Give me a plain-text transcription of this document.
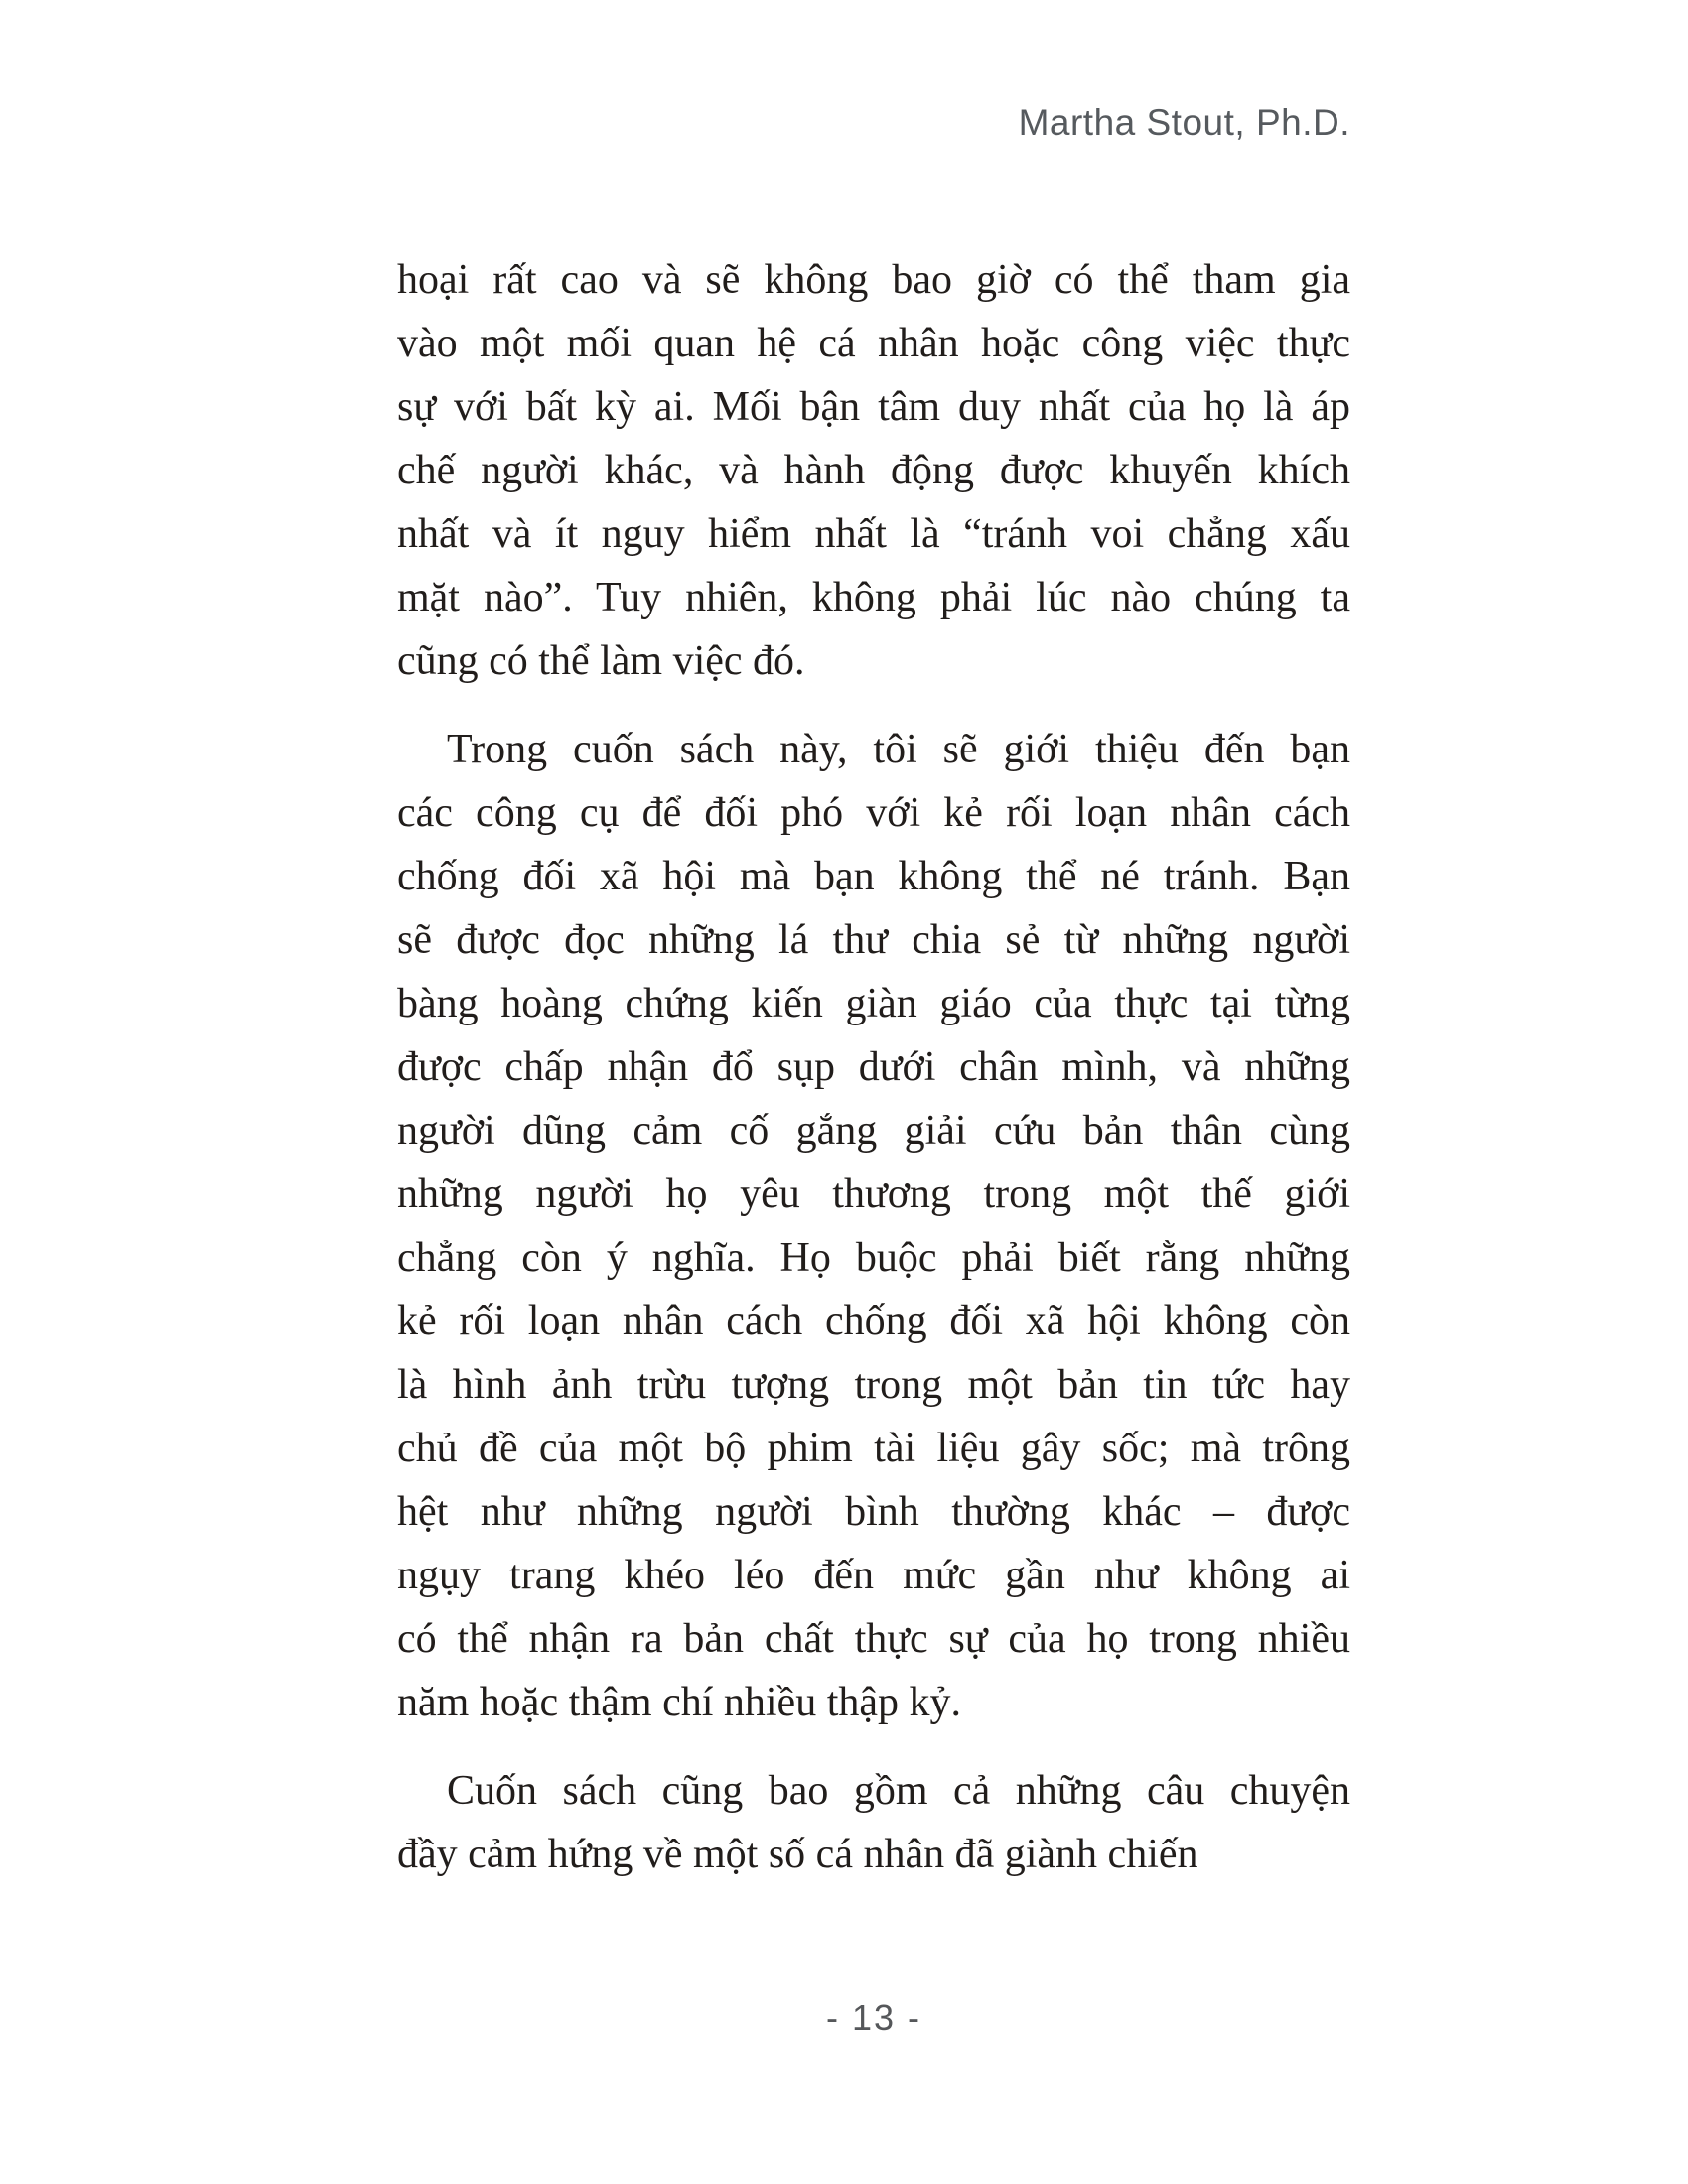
Martha Stout, Ph.D.
hoại rất cao và sẽ không bao giờ có thể tham gia
vào một mối quan hệ cá nhân hoặc công việc thực
sự với bất kỳ ai. Mối bận tâm duy nhất của họ là áp
chế người khác, và hành động được khuyến khích
nhất và ít nguy hiểm nhất là “tránh voi chẳng xấu
mặt nào”. Tuy nhiên, không phải lúc nào chúng ta
cũng có thể làm việc đó.
Trong cuốn sách này, tôi sẽ giới thiệu đến bạn
các công cụ để đối phó với kẻ rối loạn nhân cách
chống đối xã hội mà bạn không thể né tránh. Bạn
sẽ được đọc những lá thư chia sẻ từ những người
bàng hoàng chứng kiến giàn giáo của thực tại từng
được chấp nhận đổ sụp dưới chân mình, và những
người dũng cảm cố gắng giải cứu bản thân cùng
những người họ yêu thương trong một thế giới
chẳng còn ý nghĩa. Họ buộc phải biết rằng những
kẻ rối loạn nhân cách chống đối xã hội không còn
là hình ảnh trừu tượng trong một bản tin tức hay
chủ đề của một bộ phim tài liệu gây sốc; mà trông
hệt như những người bình thường khác – được
ngụy trang khéo léo đến mức gần như không ai
có thể nhận ra bản chất thực sự của họ trong nhiều
năm hoặc thậm chí nhiều thập kỷ.
Cuốn sách cũng bao gồm cả những câu chuyện
đầy cảm hứng về một số cá nhân đã giành chiến
- 13 -
